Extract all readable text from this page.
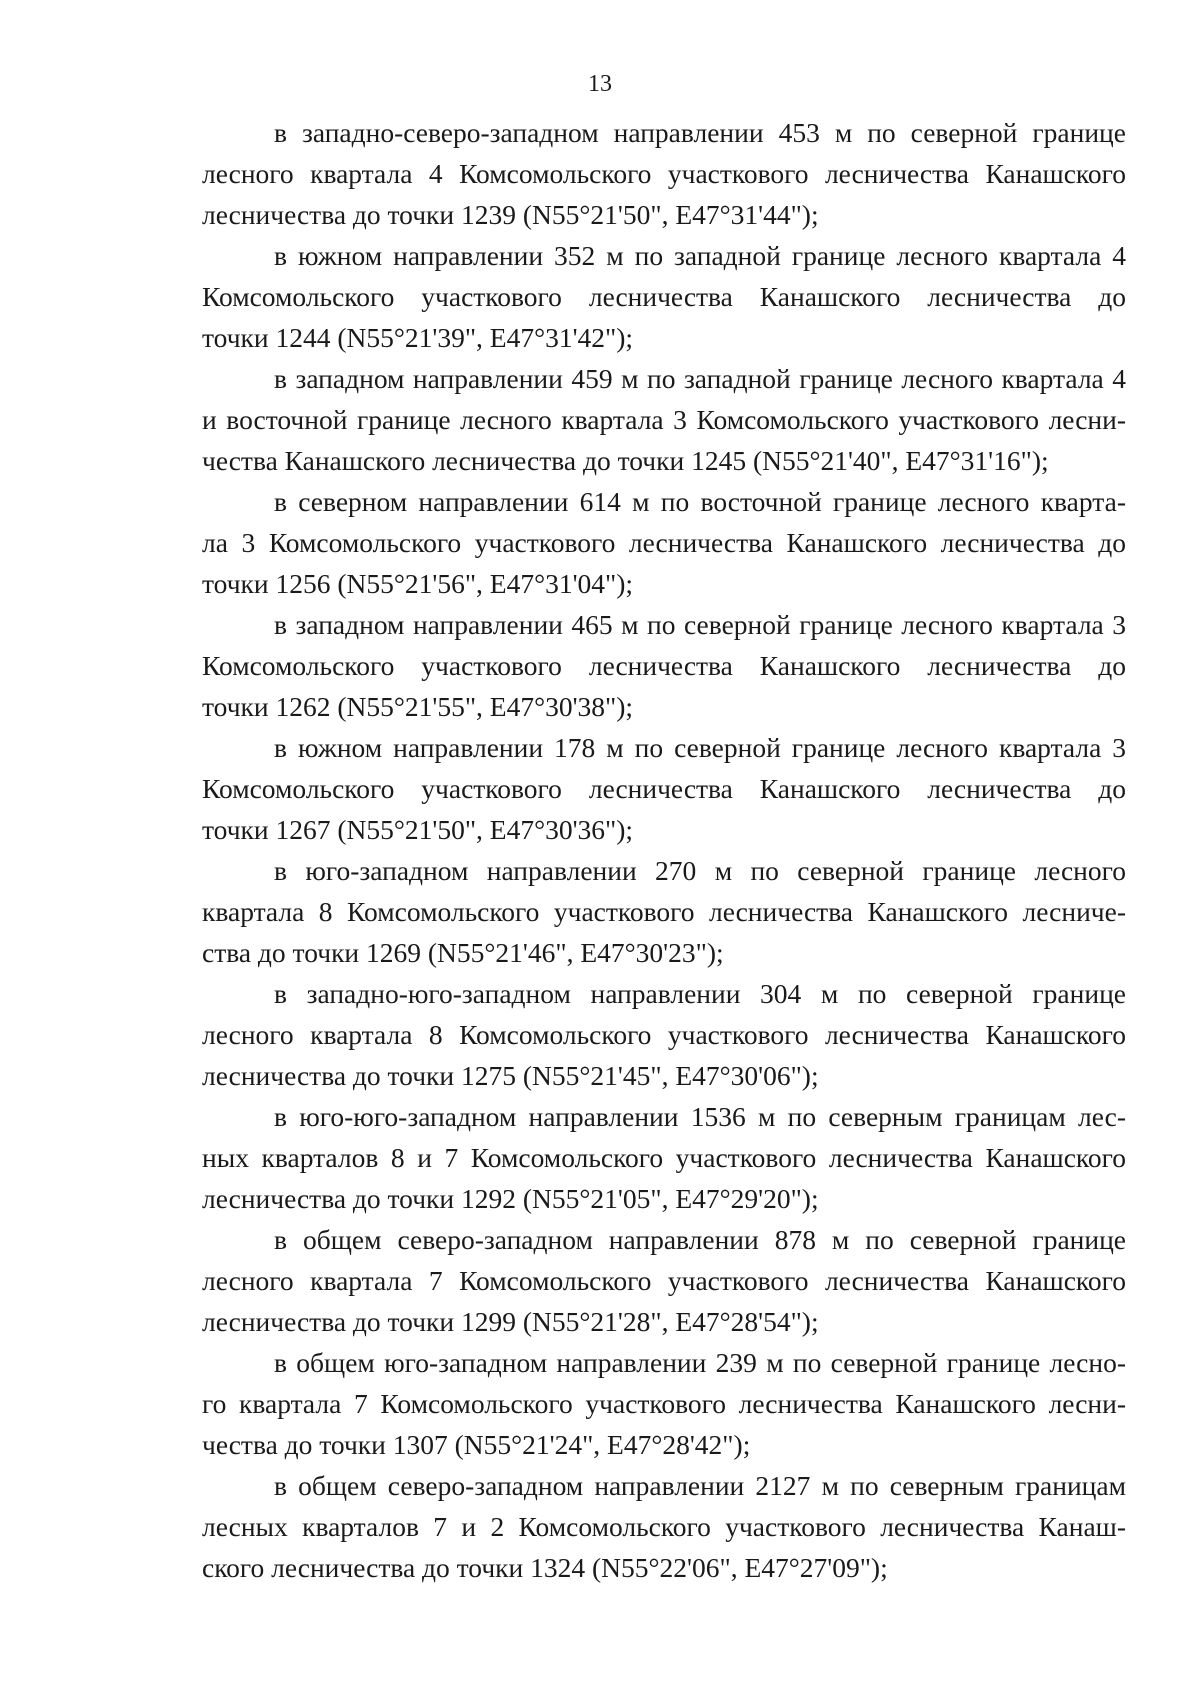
13
в западно-северо-западном направлении 453 м по северной границе
лесного квартала 4 Комсомольского участкового лесничества Канашского
лесничества до точки 1239 (N55°21'50", E47°31'44");
в южном направлении 352 м по западной границе лесного квартала 4
Комсомольского участкового лесничества Канашского лесничества до
точки 1244 (N55°21'39", E47°31'42");
в западном направлении 459 м по западной границе лесного квартала 4
и восточной границе лесного квартала 3 Комсомольского участкового лесни-
чества Канашского лесничества до точки 1245 (N55°21'40", E47°31'16");
в северном направлении 614 м по восточной границе лесного кварта-
ла 3 Комсомольского участкового лесничества Канашского лесничества до
точки 1256 (N55°21'56", E47°31'04");
в западном направлении 465 м по северной границе лесного квартала 3
Комсомольского участкового лесничества Канашского лесничества до
точки 1262 (N55°21'55", E47°30'38");
в южном направлении 178 м по северной границе лесного квартала 3
Комсомольского участкового лесничества Канашского лесничества до
точки 1267 (N55°21'50", E47°30'36");
в юго-западном направлении 270 м по северной границе лесного
квартала 8 Комсомольского участкового лесничества Канашского лесниче-
ства до точки 1269 (N55°21'46", E47°30'23");
в западно-юго-западном направлении 304 м по северной границе
лесного квартала 8 Комсомольского участкового лесничества Канашского
лесничества до точки 1275 (N55°21'45", E47°30'06");
в юго-юго-западном направлении 1536 м по северным границам лес-
ных кварталов 8 и 7 Комсомольского участкового лесничества Канашского
лесничества до точки 1292 (N55°21'05", E47°29'20");
в общем северо-западном направлении 878 м по северной границе
лесного квартала 7 Комсомольского участкового лесничества Канашского
лесничества до точки 1299 (N55°21'28", E47°28'54");
в общем юго-западном направлении 239 м по северной границе лесно-
го квартала 7 Комсомольского участкового лесничества Канашского лесни-
чества до точки 1307 (N55°21'24", E47°28'42");
в общем северо-западном направлении 2127 м по северным границам
лесных кварталов 7 и 2 Комсомольского участкового лесничества Канаш-
ского лесничества до точки 1324 (N55°22'06", E47°27'09");
